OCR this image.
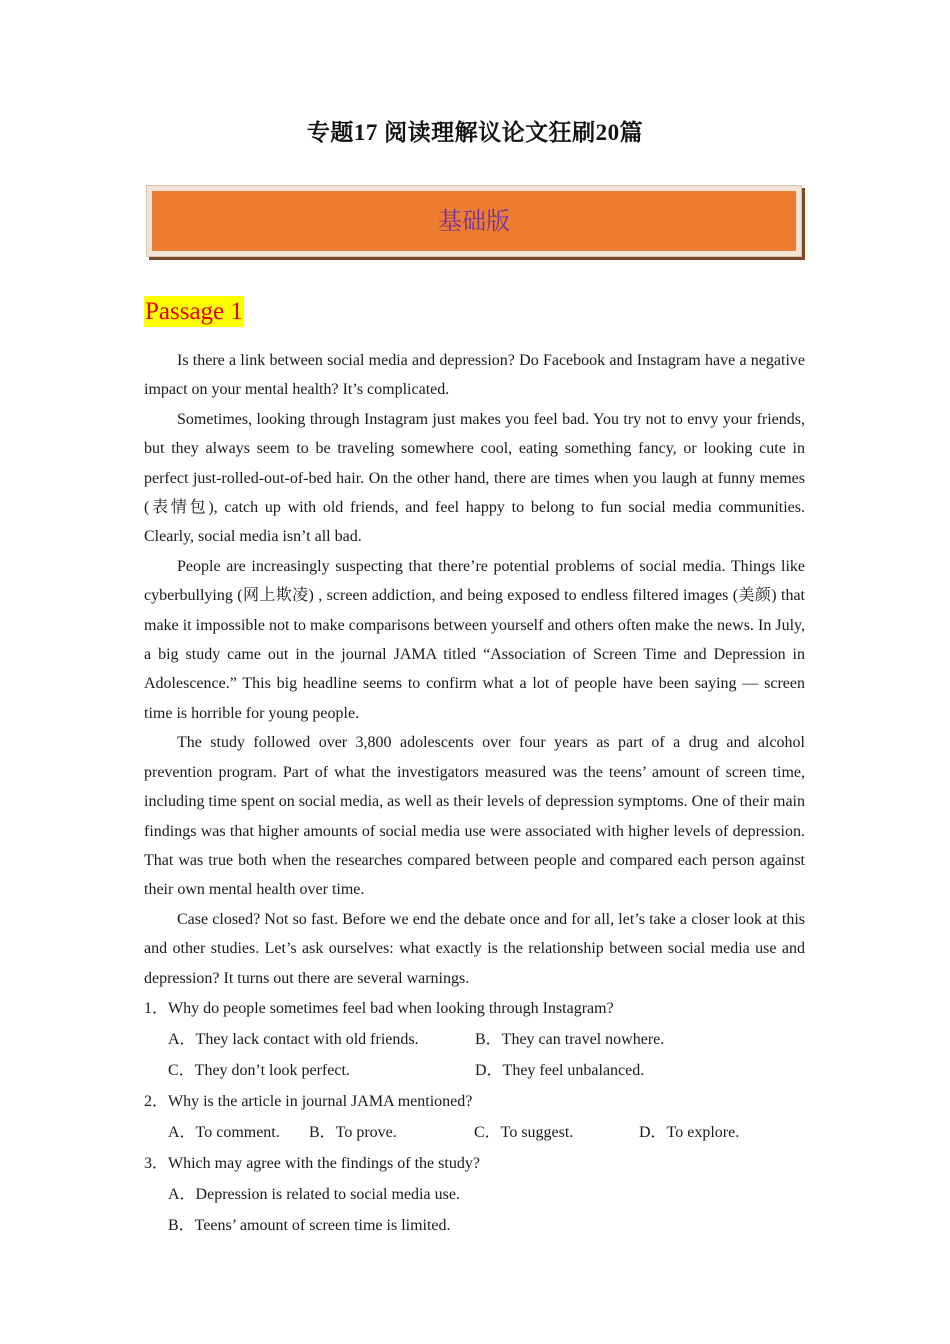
专题17 阅读理解议论文狂刷20篇
基础版
Passage 1

Is there a link between social media and depression? Do Facebook and Instagram have a negative impact on your mental health? It’s complicated.

Sometimes, looking through Instagram just makes you feel bad. You try not to envy your friends, but they always seem to be traveling somewhere cool, eating something fancy, or looking cute in perfect just-rolled-out-of-bed hair. On the other hand, there are times when you laugh at funny memes (表情包), catch up with old friends, and feel happy to belong to fun social media communities. Clearly, social media isn’t all bad.

People are increasingly suspecting that there’re potential problems of social media. Things like cyberbullying (网上欺凌) , screen addiction, and being exposed to endless filtered images (美颜) that make it impossible not to make comparisons between yourself and others often make the news. In July, a big study came out in the journal JAMA titled “Association of Screen Time and Depression in Adolescence.” This big headline seems to confirm what a lot of people have been saying — screen time is horrible for young people.

The study followed over 3,800 adolescents over four years as part of a drug and alcohol prevention program. Part of what the investigators measured was the teens’ amount of screen time, including time spent on social media, as well as their levels of depression symptoms. One of their main findings was that higher amounts of social media use were associated with higher levels of depression. That was true both when the researches compared between people and compared each person against their own mental health over time.

Case closed? Not so fast. Before we end the debate once and for all, let’s take a closer look at this and other studies. Let’s ask ourselves: what exactly is the relationship between social media use and depression? It turns out there are several warnings.

1．Why do people sometimes feel bad when looking through Instagram?

A．They lack contact with old friends.	B．They can travel nowhere.
C．They don’t look perfect.	D．They feel unbalanced.

2．Why is the article in journal JAMA mentioned?

A．To comment.	B．To prove.	C．To suggest.	D．To explore.

3．Which may agree with the findings of the study?

A．Depression is related to social media use.
B．Teens’ amount of screen time is limited.
